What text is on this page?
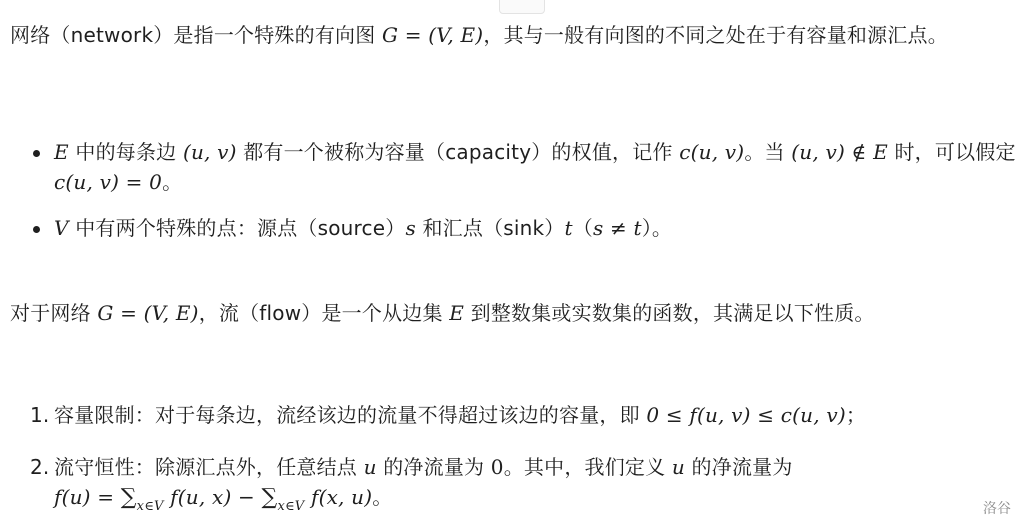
网络（network）是指一个特殊的有向图 G = (V, E)，其与一般有向图的不同之处在于有容量和源汇点。

E 中的每条边 (u, v) 都有一个被称为容量（capacity）的权值，记作 c(u, v)。当 (u, v) ∉ E 时，可以假定 c(u, v) = 0。
V 中有两个特殊的点：源点（source）s 和汇点（sink）t（s ≠ t）。

对于网络 G = (V, E)，流（flow）是一个从边集 E 到整数集或实数集的函数，其满足以下性质。

1. 容量限制：对于每条边，流经该边的流量不得超过该边的容量，即 0 ≤ f(u, v) ≤ c(u, v)；
2. 流守恒性：除源汇点外，任意结点 u 的净流量为 0。其中，我们定义 u 的净流量为
$f(u) = \sum_{x\in V}$ f(u, $x) - \sum_{x\in V}$ f(x, u)。	洛谷
